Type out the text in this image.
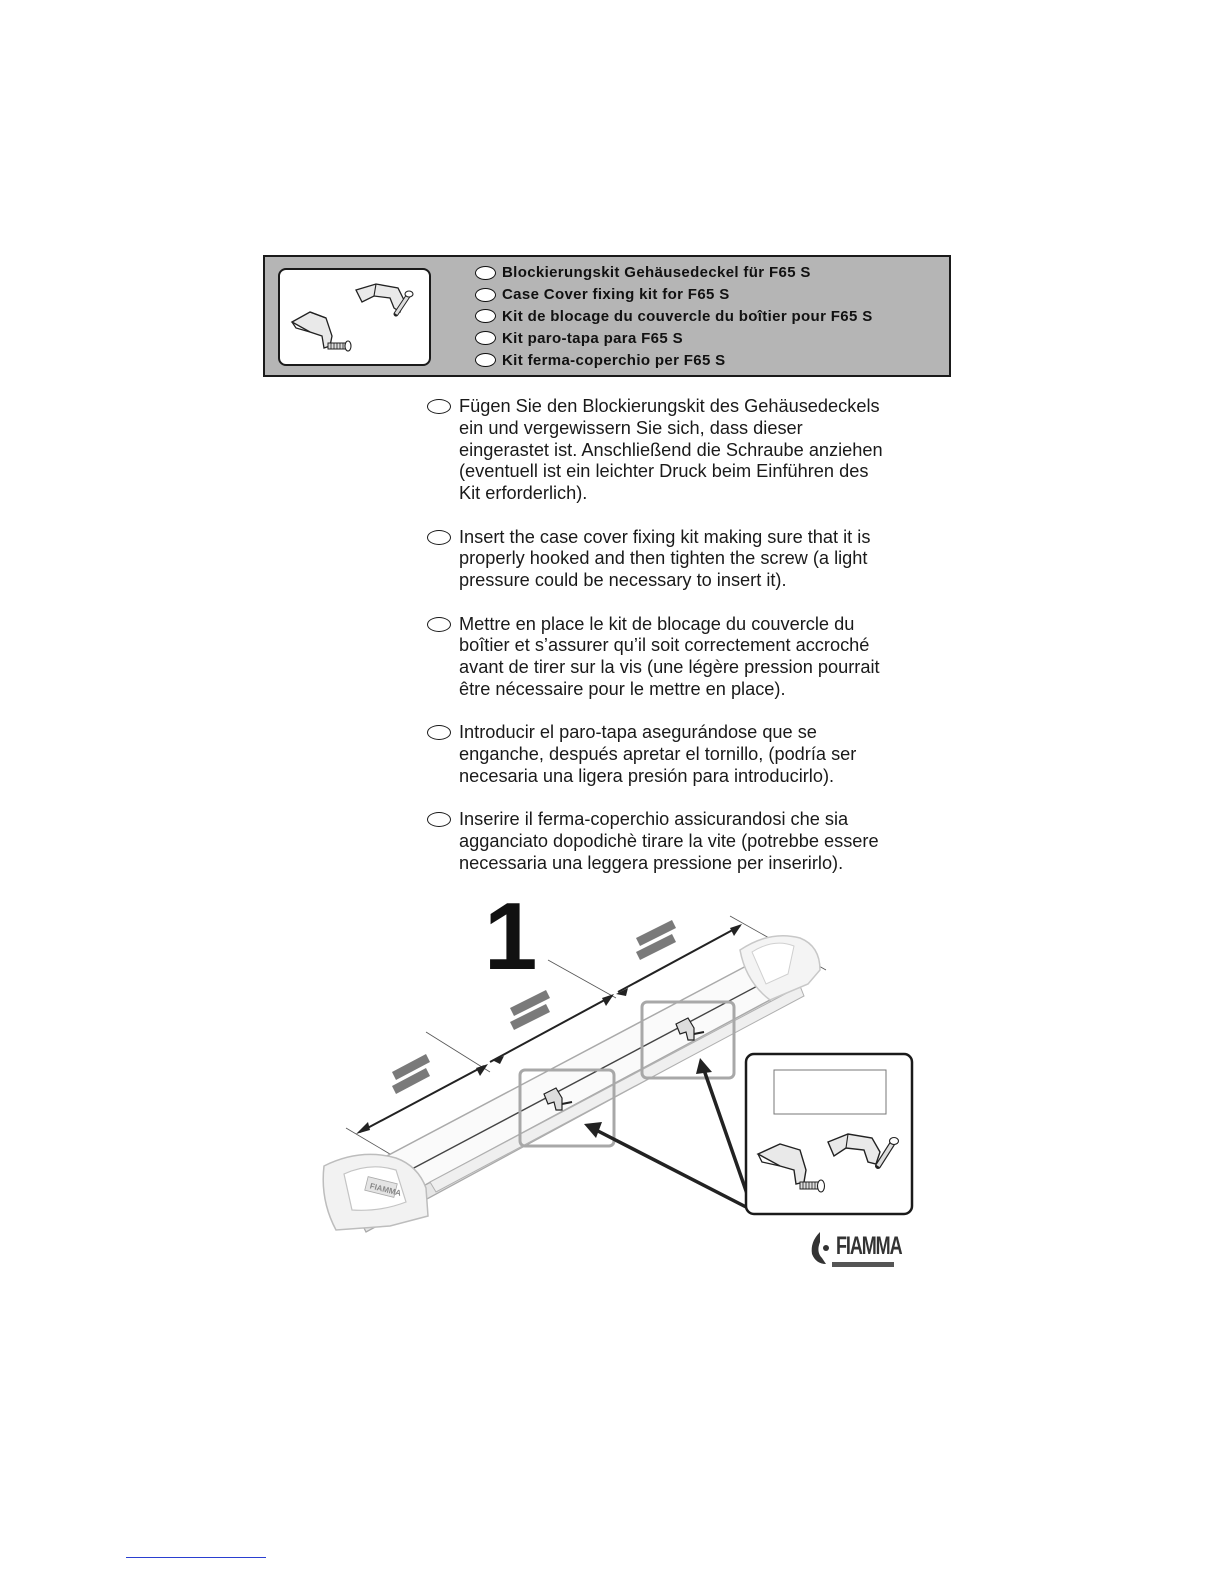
Blockierungskit Gehäusedeckel für F65 S
Case Cover fixing kit for F65 S
Kit de blocage du couvercle du boîtier pour F65 S
Kit paro-tapa para F65 S
Kit ferma-coperchio per F65 S
Fügen Sie den Blockierungskit des Gehäusedeckels
ein und vergewissern Sie sich, dass dieser
eingerastet ist. Anschließend die Schraube anziehen
(eventuell ist ein leichter Druck beim Einführen des
Kit erforderlich).
Insert the case cover fixing kit making sure that it is
properly hooked and then tighten the screw (a light
pressure could be necessary to insert it).
Mettre en place le kit de blocage du couvercle du
boîtier et s’assurer qu’il soit correctement accroché
avant de tirer sur la vis (une légère pression pourrait
être nécessaire pour le mettre en place).
Introducir el paro-tapa asegurándose que se
enganche, después apretar el tornillo, (podría ser
necesaria una ligera presión para introducirlo).
Inserire il ferma-coperchio assicurandosi che sia
agganciato dopodichè tirare la vite (potrebbe essere
necessaria una leggera pressione per inserirlo).
FIAMMA
1
FIAMMA
